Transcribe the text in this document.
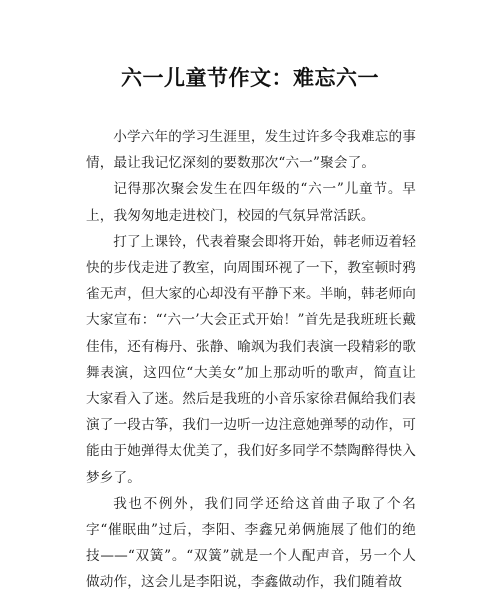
六一儿童节作文：难忘六一

小学六年的学习生涯里，发生过许多令我难忘的事情，最让我记忆深刻的要数那次“六一”聚会了。

记得那次聚会发生在四年级的“六一”儿童节。早上，我匆匆地走进校门，校园的气氛异常活跃。

打了上课铃，代表着聚会即将开始，韩老师迈着轻快的步伐走进了教室，向周围环视了一下，教室顿时鸦雀无声，但大家的心却没有平静下来。半晌，韩老师向大家宣布：“‘六一’大会正式开始！”首先是我班班长戴佳伟，还有梅丹、张静、喻飒为我们表演一段精彩的歌舞表演，这四位“大美女”加上那动听的歌声，简直让大家看入了迷。然后是我班的小音乐家徐君佩给我们表演了一段古筝，我们一边听一边注意她弹琴的动作，可能由于她弹得太优美了，我们好多同学不禁陶醉得快入梦乡了。

我也不例外，我们同学还给这首曲子取了个名字“催眠曲”过后，李阳、李鑫兄弟俩施展了他们的绝技——“双簧”。“双簧”就是一个人配声音，另一个人做动作，这会儿是李阳说，李鑫做动作，我们随着故
